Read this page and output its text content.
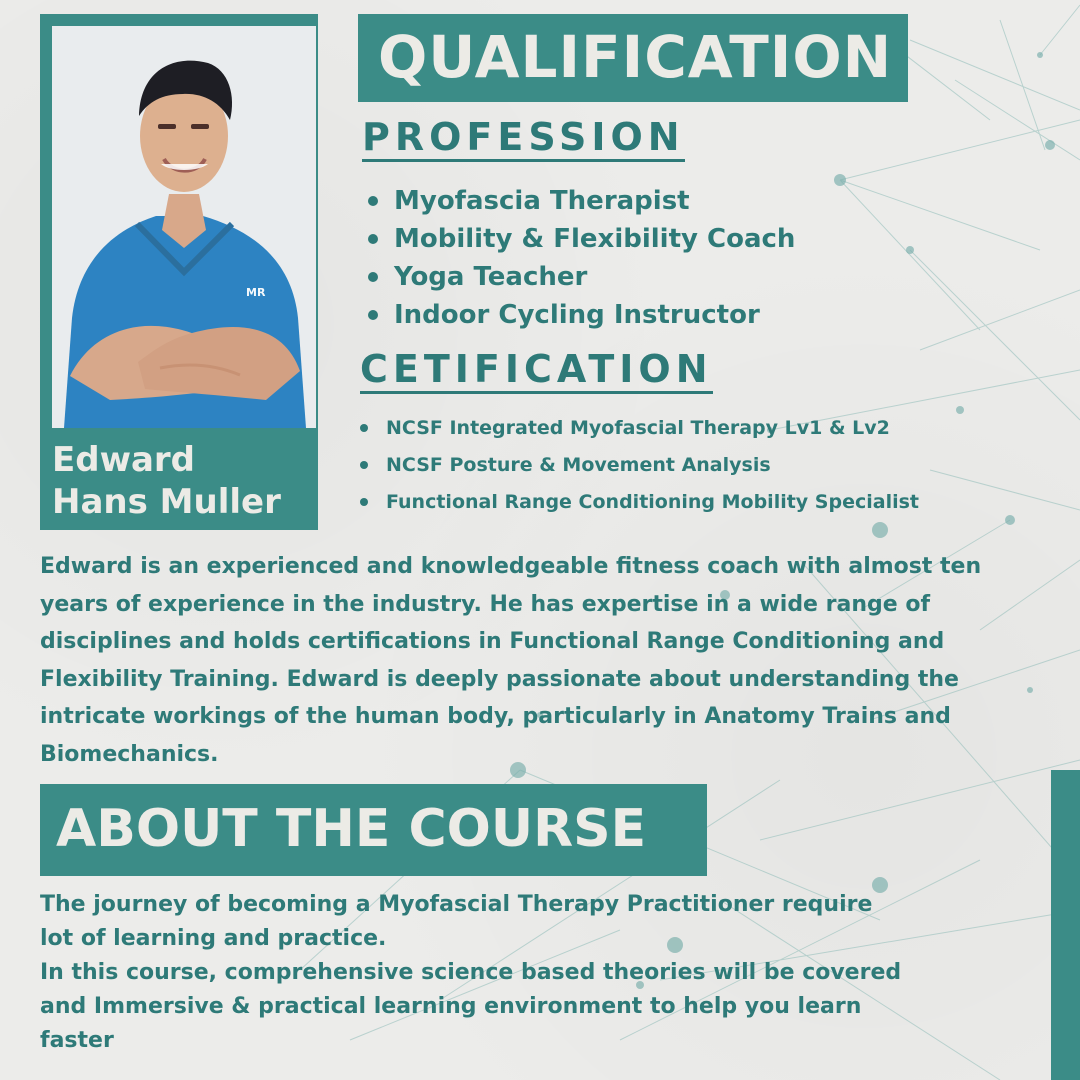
MR
Edward
Hans Muller
QUALIFICATION
PROFESSION
Myofascia Therapist
Mobility & Flexibility Coach
Yoga Teacher
Indoor Cycling Instructor
CETIFICATION
NCSF Integrated Myofascial Therapy Lv1 & Lv2
NCSF Posture & Movement Analysis
Functional Range Conditioning Mobility Specialist

Edward is an experienced and knowledgeable fitness coach with almost ten
years of experience in the industry. He has expertise in a wide range of
disciplines and holds certifications in Functional Range Conditioning and
Flexibility Training. Edward is deeply passionate about understanding the
intricate workings of the human body, particularly in Anatomy Trains and
Biomechanics.

ABOUT THE COURSE
The journey of becoming a Myofascial Therapy Practitioner require
lot of learning and practice.
In this course, comprehensive science based theories will be covered
and Immersive & practical learning environment to help you learn
faster
